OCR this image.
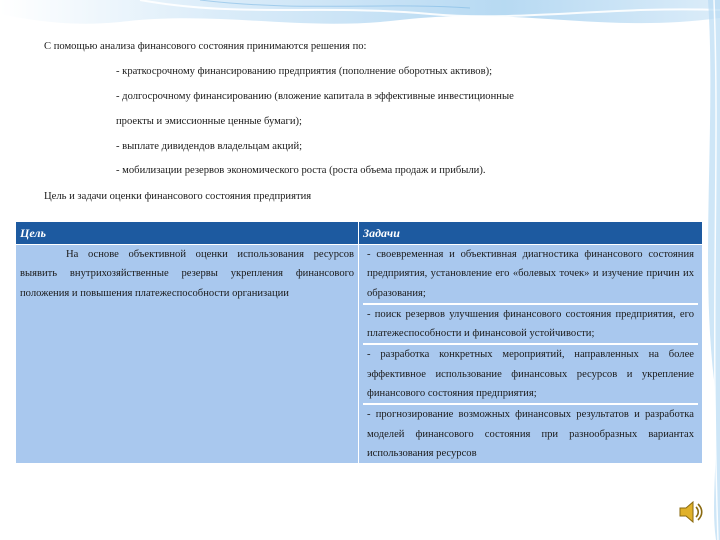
С помощью анализа финансового состояния принимаются решения по:
- краткосрочному финансированию предприятия (пополнение оборотных активов);
- долгосрочному финансированию (вложение капитала в эффективные инвестиционные
проекты и эмиссионные ценные бумаги);
- выплате дивидендов владельцам акций;
- мобилизации резервов экономического роста (роста объема продаж и прибыли).
Цель и задачи оценки финансового состояния предприятия
Цель	Задачи
На основе объективной оценки использования ресурсов выявить внутрихозяйственные резервы укрепления финансового положения и повышения платежеспособности организации	- своевременная и объективная диагностика финансового состояния предприятия, установление его «болевых точек» и изучение причин их образования;
- поиск резервов улучшения финансового состояния предприятия, его платежеспособности и финансовой устойчивости;
- разработка конкретных мероприятий, направленных на более эффективное использование финансовых ресурсов и укрепление финансового состояния предприятия;
- прогнозирование возможных финансовых результатов и разработка моделей финансового состояния при разнообразных вариантах использования ресурсов
